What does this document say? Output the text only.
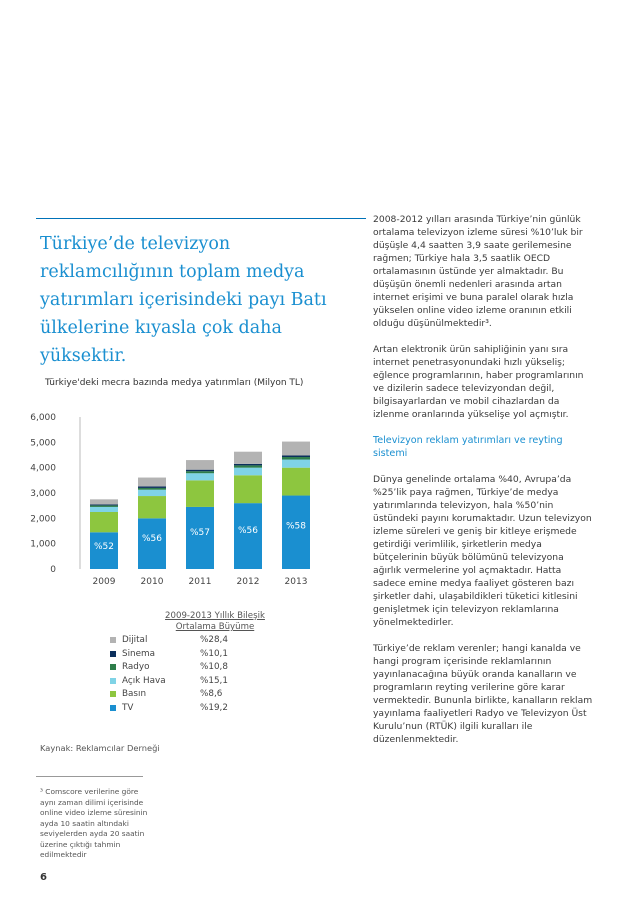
Türkiye’de televizyon reklamcılığının toplam medya yatırımları içerisindeki payı Batı ülkelerine kıyasla çok daha yüksektir.

2008-2012 yılları arasında Türkiye’nin günlük ortalama televizyon izleme süresi %10’luk bir düşüşle 4,4 saatten 3,9 saate gerilemesine rağmen; Türkiye hala 3,5 saatlik OECD ortalamasının üstünde yer almaktadır. Bu düşüşün önemli nedenleri arasında artan internet erişimi ve buna paralel olarak hızla yükselen online video izleme oranının etkili olduğu düşünülmektedir³.

Artan elektronik ürün sahipliğinin yanı sıra internet penetrasyonundaki hızlı yükseliş; eğlence programlarının, haber programlarının ve dizilerin sadece televizyondan değil, bilgisayarlardan ve mobil cihazlardan da izlenme oranlarında yükselişe yol açmıştır.

Televizyon reklam yatırımları ve reyting sistemi

Dünya genelinde ortalama %40, Avrupa’da %25’lik paya rağmen, Türkiye’de medya yatırımlarında televizyon, hala %50’nin üstündeki payını korumaktadır. Uzun televizyon izleme süreleri ve geniş bir kitleye erişmede getirdiği verimlilik, şirketlerin medya bütçelerinin büyük bölümünü televizyona ağırlık vermelerine yol açmaktadır. Hatta sadece emine medya faaliyet gösteren bazı şirketler dahi, ulaşabildikleri tüketici kitlesini genişletmek için televizyon reklamlarına yönelmektedirler.

Türkiye’de reklam verenler; hangi kanalda ve hangi program içerisinde reklamlarının yayınlanacağına büyük oranda kanalların ve programların reyting verilerine göre karar vermektedir. Bununla birlikte, kanalların reklam yayınlama faaliyetleri Radyo ve Televizyon Üst Kurulu’nun (RTÜK) ilgili kuralları ile düzenlenmektedir.

Türkiye'deki mecra bazında medya yatırımları (Milyon TL)
0
1,000
2,000
3,000
4,000
5,000
6,000
%52
2009
%56
2010
%57
2011
%56
2012
%58
2013
2009-2013 Yıllık Bileşik
Ortalama Büyüme
Dijital	%28,4
Sinema	%10,1
Radyo	%10,8
Açık Hava	%15,1
Basın	%8,6
TV	%19,2
Kaynak: Reklamcılar Derneği
³ Comscore verilerine göre aynı zaman dilimi içerisinde online video izleme süresinin ayda 10 saatin altındaki seviyelerden ayda 20 saatin üzerine çıktığı tahmin edilmektedir
6
